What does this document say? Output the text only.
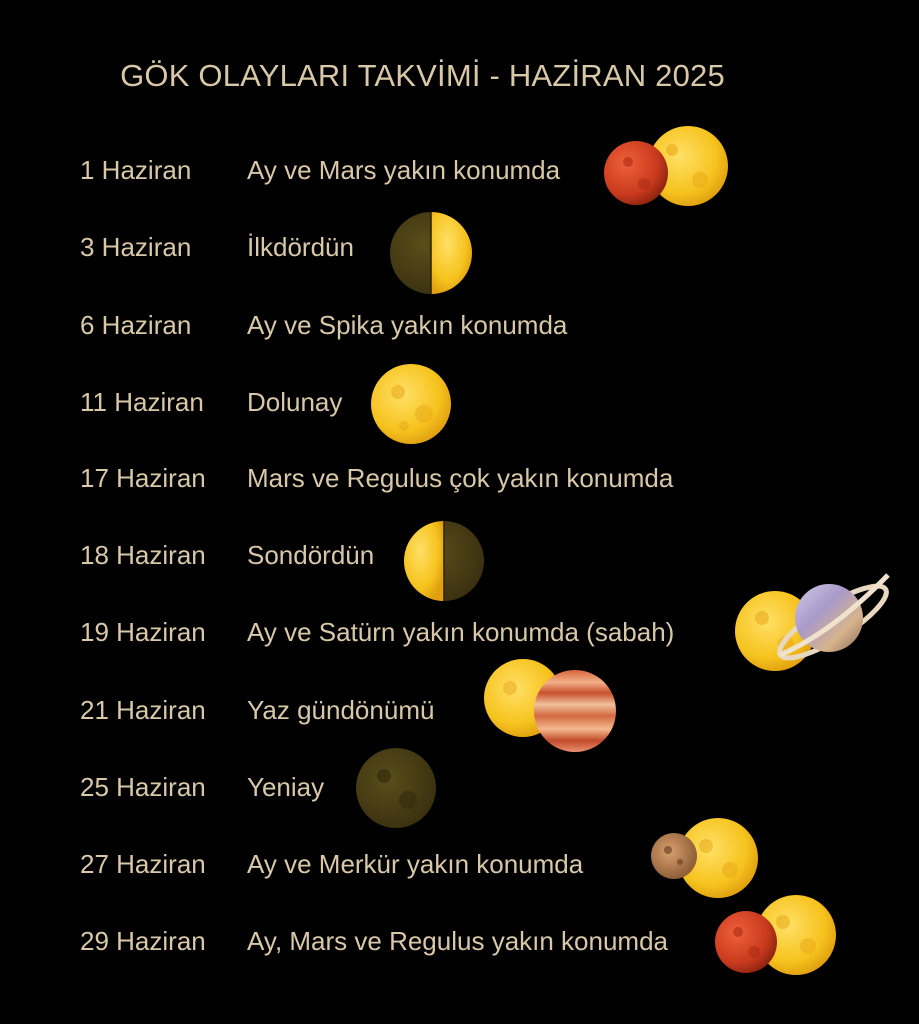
GÖK OLAYLARI TAKVİMİ - HAZİRAN 2025
1 Haziran Ay ve Mars yakın konumda
3 Haziran İlkdördün
6 Haziran Ay ve Spika yakın konumda
11 Haziran Dolunay
17 Haziran Mars ve Regulus çok yakın konumda
18 Haziran Sondördün
19 Haziran Ay ve Satürn yakın konumda (sabah)
21 Haziran Yaz gündönümü
25 Haziran Yeniay
27 Haziran Ay ve Merkür yakın konumda
29 Haziran Ay, Mars ve Regulus yakın konumda
